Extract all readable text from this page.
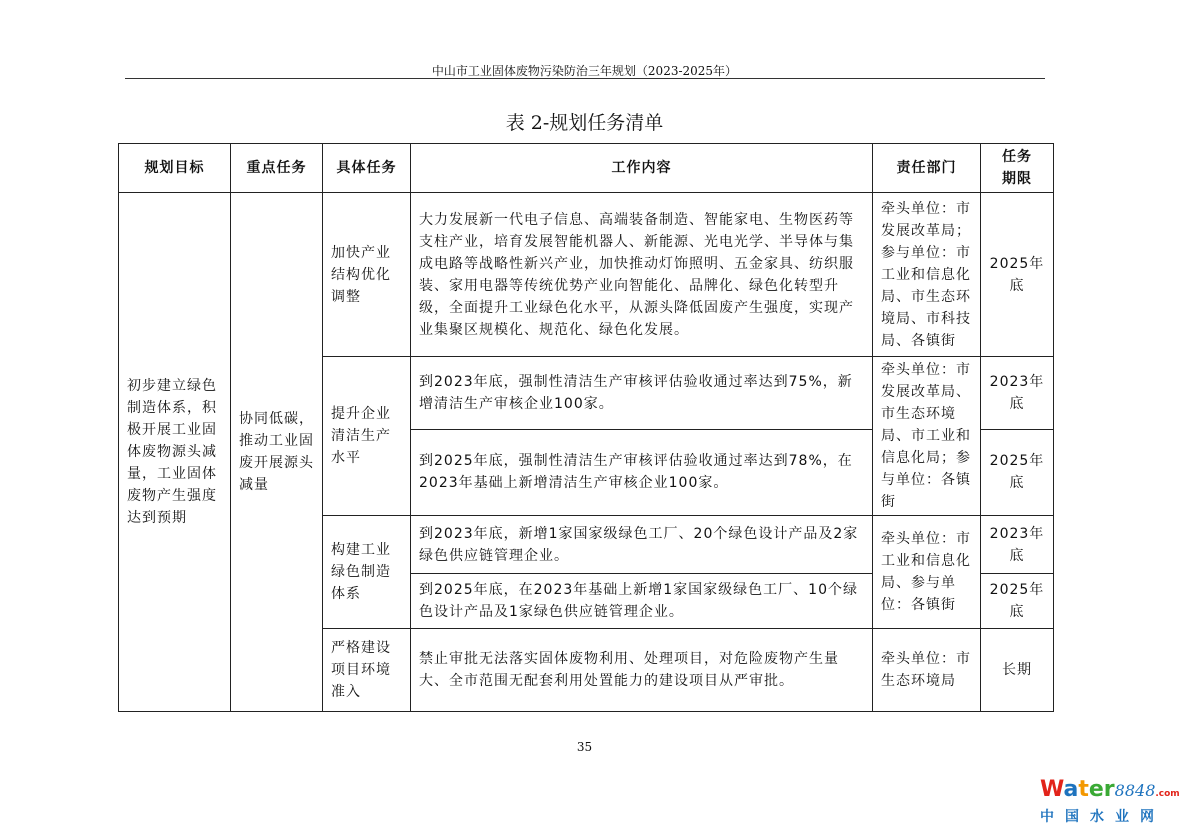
中山市工业固体废物污染防治三年规划（2023-2025年）
表 2-规划任务清单
规划目标	重点任务	具体任务	工作内容	责任部门	任务期限
初步建立绿色制造体系，积极开展工业固体废物源头减量，工业固体废物产生强度达到预期	协同低碳，推动工业固废开展源头减量	加快产业结构优化调整	大力发展新一代电子信息、高端装备制造、智能家电、生物医药等支柱产业，培育发展智能机器人、新能源、光电光学、半导体与集成电路等战略性新兴产业，加快推动灯饰照明、五金家具、纺织服装、家用电器等传统优势产业向智能化、品牌化、绿色化转型升级，全面提升工业绿色化水平，从源头降低固废产生强度，实现产业集聚区规模化、规范化、绿色化发展。	牵头单位：市发展改革局；参与单位：市工业和信息化局、市生态环境局、市科技局、各镇街	2025年底
		提升企业清洁生产水平	到2023年底，强制性清洁生产审核评估验收通过率达到75%，新增清洁生产审核企业100家。	牵头单位：市发展改革局、市生态环境局、市工业和信息化局；参与单位：各镇街	2023年底
			到2025年底，强制性清洁生产审核评估验收通过率达到78%，在2023年基础上新增清洁生产审核企业100家。		2025年底
		构建工业绿色制造体系	到2023年底，新增1家国家级绿色工厂、20个绿色设计产品及2家绿色供应链管理企业。	牵头单位：市工业和信息化局、参与单位：各镇街	2023年底
			到2025年底，在2023年基础上新增1家国家级绿色工厂、10个绿色设计产品及1家绿色供应链管理企业。		2025年底
		严格建设项目环境准入	禁止审批无法落实固体废物利用、处理项目，对危险废物产生量大、全市范围无配套利用处置能力的建设项目从严审批。	牵头单位：市生态环境局	长期
35
Water8848.com
中国水业网
